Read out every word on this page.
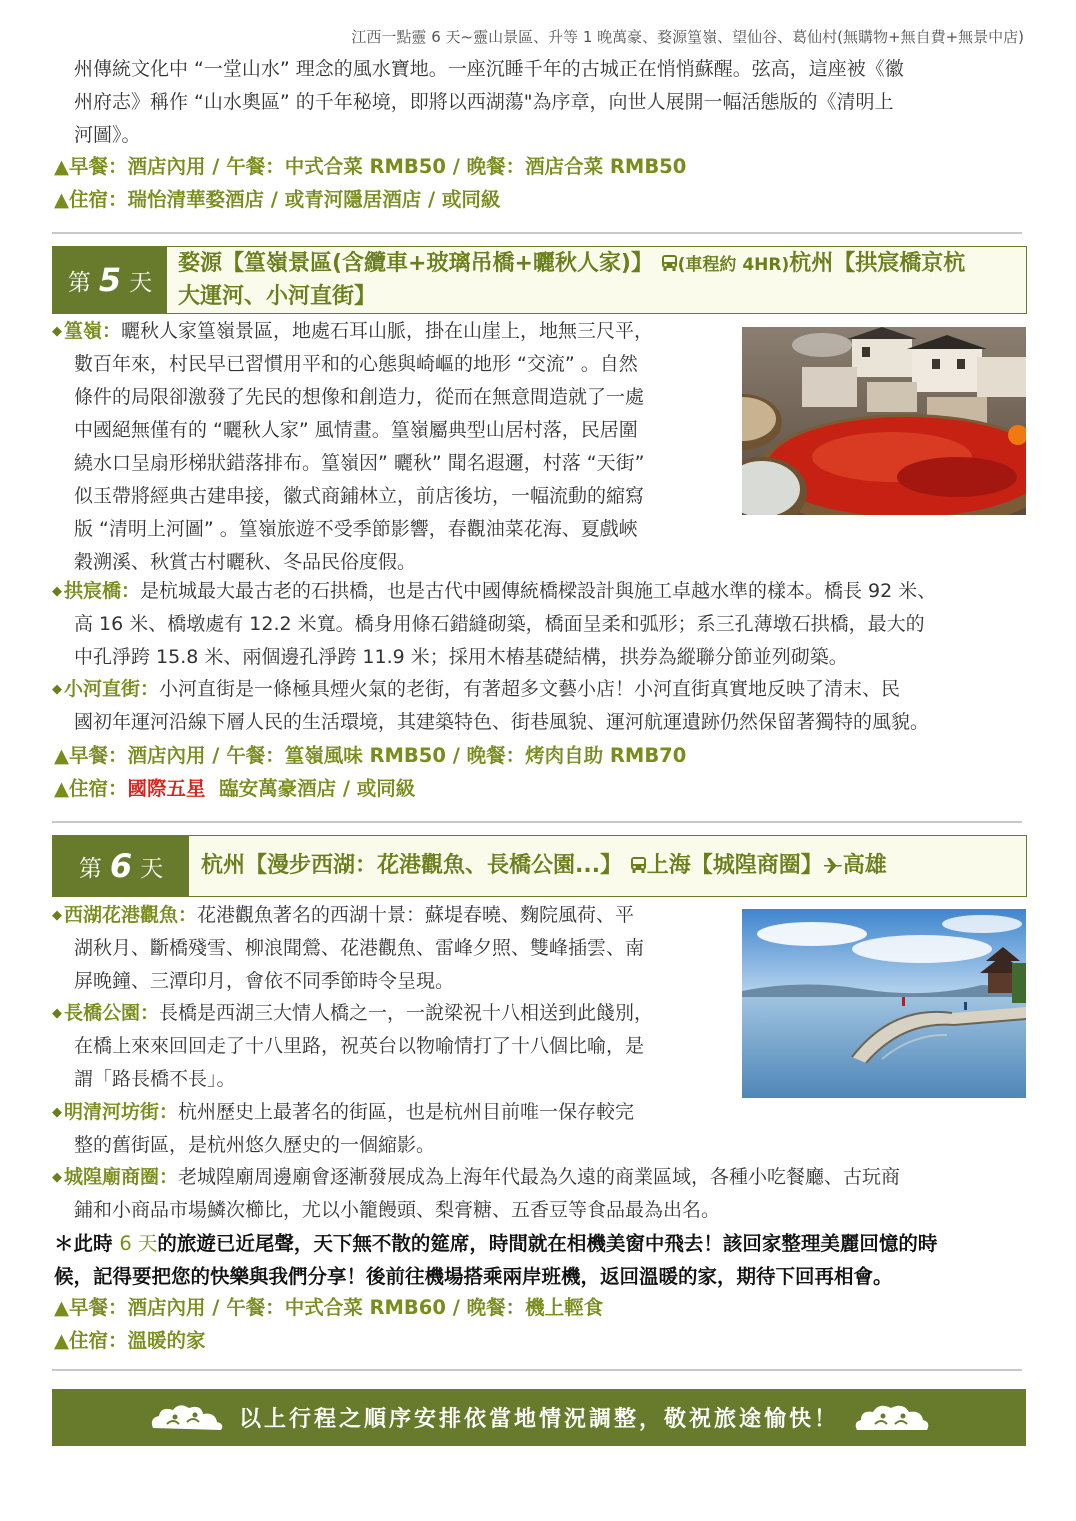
江西一點靈 6 天~靈山景區、升等 1 晚萬豪、婺源篁嶺、望仙谷、葛仙村(無購物+無自費+無景中店)
州傳統文化中 “一堂山水” 理念的風水寶地。一座沉睡千年的古城正在悄悄蘇醒。弦高，這座被《徽
州府志》稱作 “山水奧區” 的千年秘境，即將以西湖蕩"為序章，向世人展開一幅活態版的《清明上
河圖》。
▲早餐：酒店內用 / 午餐：中式合菜 RMB50 / 晚餐：酒店合菜 RMB50
▲住宿：瑞怡清華婺酒店 / 或青河隱居酒店 / 或同級
第 5 天
婺源【篁嶺景區(含纜車+玻璃吊橋+曬秋人家)】 (車程約 4HR)杭州【拱宸橋京杭
大運河、小河直街】
◆ 篁嶺：曬秋人家篁嶺景區，地處石耳山脈，掛在山崖上，地無三尺平，
數百年來，村民早已習慣用平和的心態與崎嶇的地形 “交流” 。自然
條件的局限卻激發了先民的想像和創造力，從而在無意間造就了一處
中國絕無僅有的 “曬秋人家” 風情畫。篁嶺屬典型山居村落，民居圍
繞水口呈扇形梯狀錯落排布。篁嶺因” 曬秋” 聞名遐邇，村落 “天街”
似玉帶將經典古建串接，徽式商鋪林立，前店後坊，一幅流動的縮寫
版 “清明上河圖” 。篁嶺旅遊不受季節影響，春觀油菜花海、夏戲峽
穀溯溪、秋賞古村曬秋、冬品民俗度假。
◆ 拱宸橋：是杭城最大最古老的石拱橋，也是古代中國傳統橋樑設計與施工卓越水準的樣本。橋長 92 米、
高 16 米、橋墩處有 12.2 米寬。橋身用條石錯縫砌築，橋面呈柔和弧形；系三孔薄墩石拱橋，最大的
中孔淨跨 15.8 米、兩個邊孔淨跨 11.9 米；採用木樁基礎結構，拱券為縱聯分節並列砌築。
◆ 小河直街：小河直街是一條極具煙火氣的老街，有著超多文藝小店！小河直街真實地反映了清末、民
國初年運河沿線下層人民的生活環境，其建築特色、街巷風貌、運河航運遺跡仍然保留著獨特的風貌。
▲早餐：酒店內用 / 午餐：篁嶺風味 RMB50 / 晚餐：烤肉自助 RMB70
▲住宿：國際五星 臨安萬豪酒店 / 或同級
第 6 天 杭州【漫步西湖：花港觀魚、長橋公園...】 上海【城隍商圈】 高雄
◆ 西湖花港觀魚：花港觀魚著名的西湖十景：蘇堤春曉、麴院風荷、平
湖秋月、斷橋殘雪、柳浪聞鶯、花港觀魚、雷峰夕照、雙峰插雲、南
屏晚鐘、三潭印月，會依不同季節時令呈現。
◆ 長橋公園：長橋是西湖三大情人橋之一，一說梁祝十八相送到此餞別，
在橋上來來回回走了十八里路，祝英台以物喻情打了十八個比喻，是
謂「路長橋不長」。
◆ 明清河坊街：杭州歷史上最著名的街區，也是杭州目前唯一保存較完
整的舊街區，是杭州悠久歷史的一個縮影。
◆ 城隍廟商圈：老城隍廟周邊廟會逐漸發展成為上海年代最為久遠的商業區域，各種小吃餐廳、古玩商
鋪和小商品市場鱗次櫛比，尤以小籠饅頭、梨膏糖、五香豆等食品最為出名。
＊此時 6 天的旅遊已近尾聲，天下無不散的筵席，時間就在相機美窗中飛去！該回家整理美麗回憶的時
候，記得要把您的快樂與我們分享！後前往機場搭乘兩岸班機，返回溫暖的家，期待下回再相會。
▲早餐：酒店內用 / 午餐：中式合菜 RMB60 / 晚餐：機上輕食
▲住宿：溫暖的家
以上行程之順序安排依當地情況調整，敬祝旅途愉快！
